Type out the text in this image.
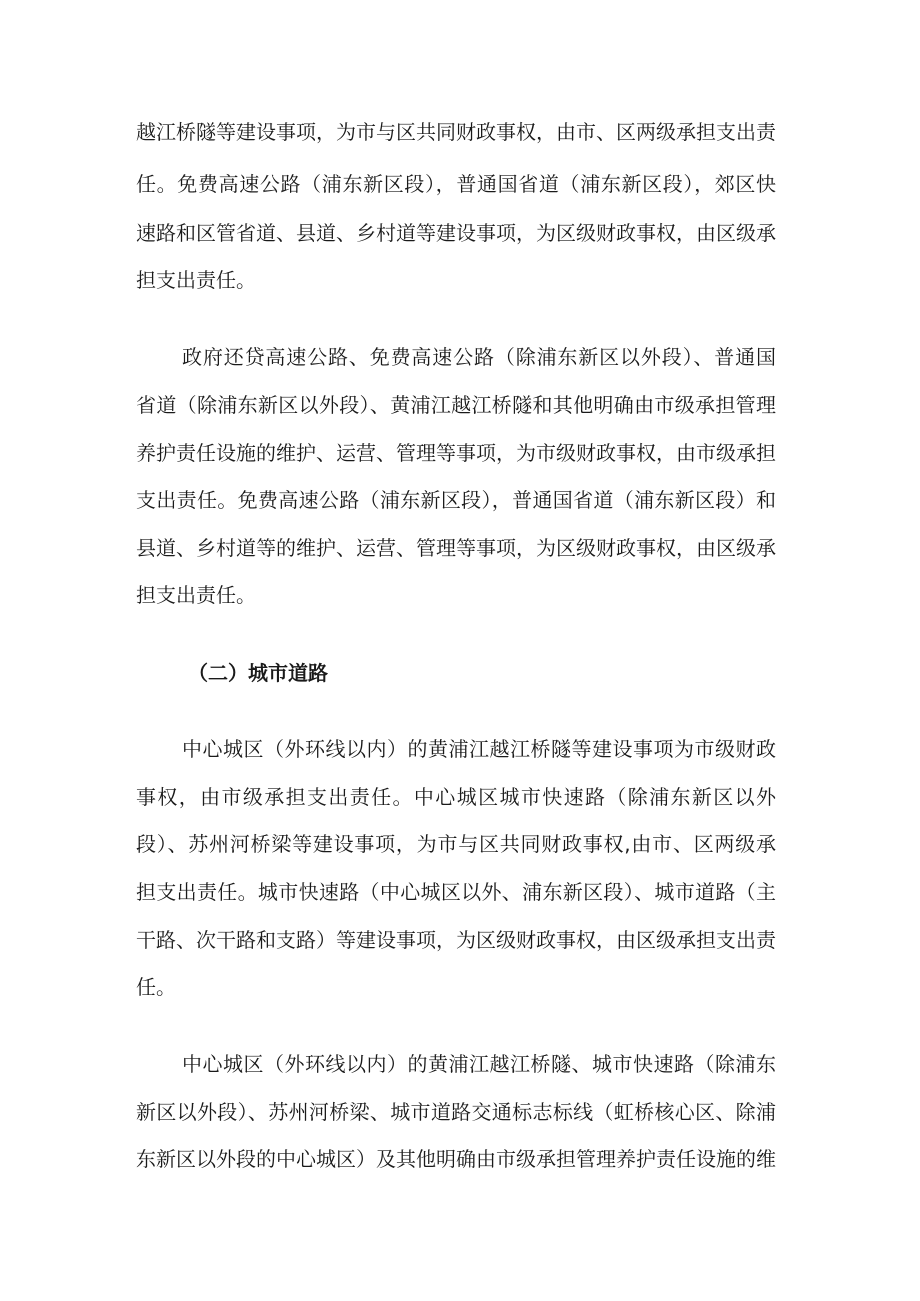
越江桥隧等建设事项，为市与区共同财政事权，由市、区两级承担支出责
任。免费高速公路（浦东新区段），普通国省道（浦东新区段），郊区快
速路和区管省道、县道、乡村道等建设事项，为区级财政事权，由区级承
担支出责任。
政府还贷高速公路、免费高速公路（除浦东新区以外段）、普通国
省道（除浦东新区以外段）、黄浦江越江桥隧和其他明确由市级承担管理
养护责任设施的维护、运营、管理等事项，为市级财政事权，由市级承担
支出责任。免费高速公路（浦东新区段），普通国省道（浦东新区段）和
县道、乡村道等的维护、运营、管理等事项，为区级财政事权，由区级承
担支出责任。
（二）城市道路
中心城区（外环线以内）的黄浦江越江桥隧等建设事项为市级财政
事权，由市级承担支出责任。中心城区城市快速路（除浦东新区以外
段）、苏州河桥梁等建设事项，为市与区共同财政事权,由市、区两级承
担支出责任。城市快速路（中心城区以外、浦东新区段）、城市道路（主
干路、次干路和支路）等建设事项，为区级财政事权，由区级承担支出责
任。
中心城区（外环线以内）的黄浦江越江桥隧、城市快速路（除浦东
新区以外段）、苏州河桥梁、城市道路交通标志标线（虹桥核心区、除浦
东新区以外段的中心城区）及其他明确由市级承担管理养护责任设施的维
